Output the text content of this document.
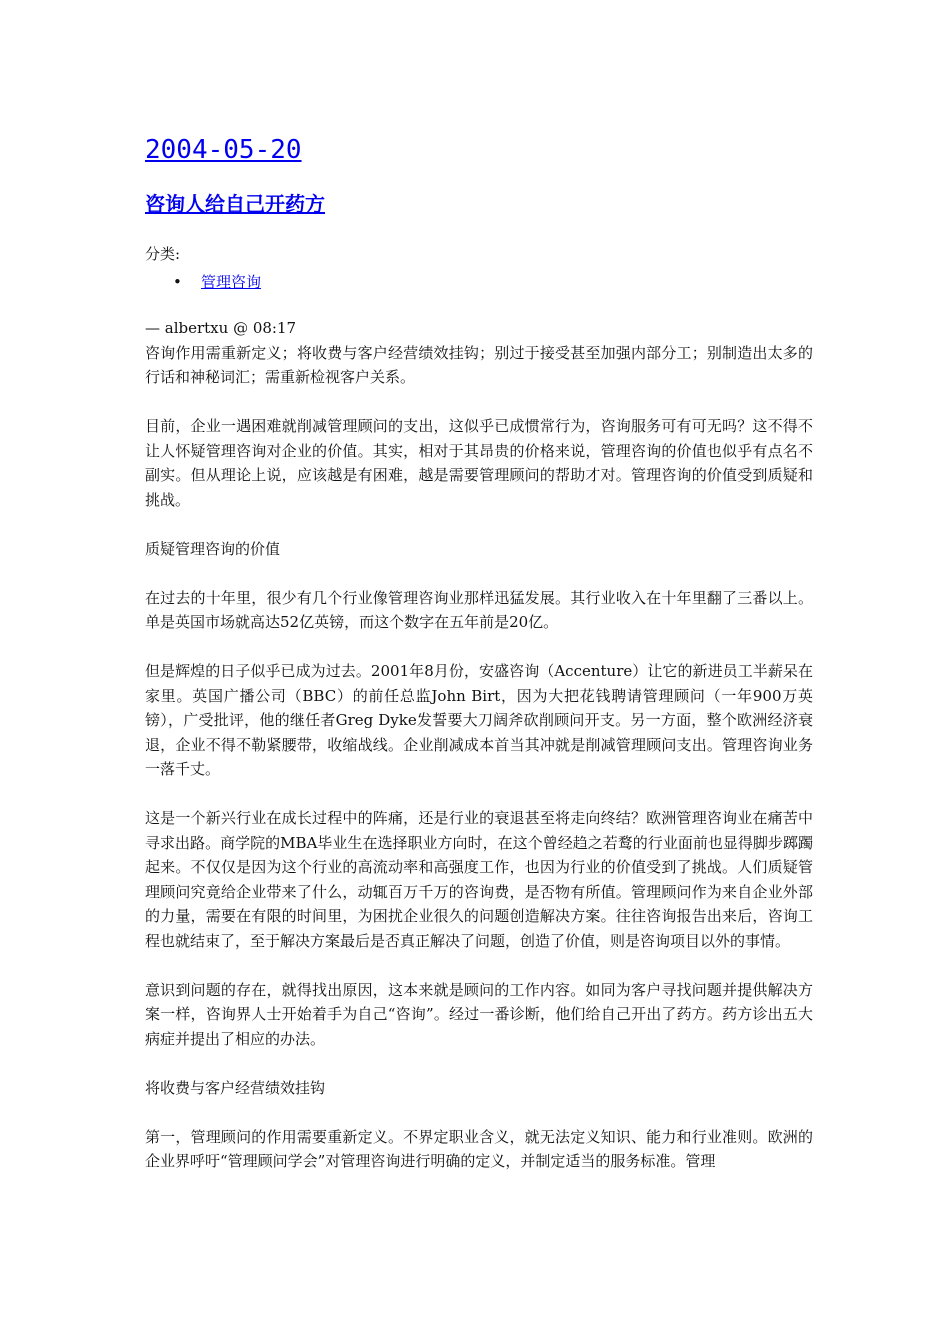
2004-05-20
咨询人给自己开药方
分类:
• 管理咨询
— albertxu @ 08:17

咨询作用需重新定义；将收费与客户经营绩效挂钩；别过于接受甚至加强内部分工；别制造出太多的行话和神秘词汇；需重新检视客户关系。

目前，企业一遇困难就削减管理顾问的支出，这似乎已成惯常行为，咨询服务可有可无吗？这不得不让人怀疑管理咨询对企业的价值。其实，相对于其昂贵的价格来说，管理咨询的价值也似乎有点名不副实。但从理论上说，应该越是有困难，越是需要管理顾问的帮助才对。管理咨询的价值受到质疑和挑战。

质疑管理咨询的价值

在过去的十年里，很少有几个行业像管理咨询业那样迅猛发展。其行业收入在十年里翻了三番以上。单是英国市场就高达52亿英镑，而这个数字在五年前是20亿。

但是辉煌的日子似乎已成为过去。2001年8月份，安盛咨询（Accenture）让它的新进员工半薪呆在家里。英国广播公司（BBC）的前任总监John Birt，因为大把花钱聘请管理顾问（一年900万英镑），广受批评，他的继任者Greg Dyke发誓要大刀阔斧砍削顾问开支。另一方面，整个欧洲经济衰退，企业不得不勒紧腰带，收缩战线。企业削减成本首当其冲就是削减管理顾问支出。管理咨询业务一落千丈。

这是一个新兴行业在成长过程中的阵痛，还是行业的衰退甚至将走向终结？欧洲管理咨询业在痛苦中寻求出路。商学院的MBA毕业生在选择职业方向时，在这个曾经趋之若鹜的行业面前也显得脚步踯躅起来。不仅仅是因为这个行业的高流动率和高强度工作，也因为行业的价值受到了挑战。人们质疑管理顾问究竟给企业带来了什么，动辄百万千万的咨询费，是否物有所值。管理顾问作为来自企业外部的力量，需要在有限的时间里，为困扰企业很久的问题创造解决方案。往往咨询报告出来后，咨询工程也就结束了，至于解决方案最后是否真正解决了问题，创造了价值，则是咨询项目以外的事情。

意识到问题的存在，就得找出原因，这本来就是顾问的工作内容。如同为客户寻找问题并提供解决方案一样，咨询界人士开始着手为自己“咨询”。经过一番诊断，他们给自己开出了药方。药方诊出五大病症并提出了相应的办法。

将收费与客户经营绩效挂钩

第一，管理顾问的作用需要重新定义。不界定职业含义，就无法定义知识、能力和行业准则。欧洲的企业界呼吁“管理顾问学会”对管理咨询进行明确的定义，并制定适当的服务标准。管理
